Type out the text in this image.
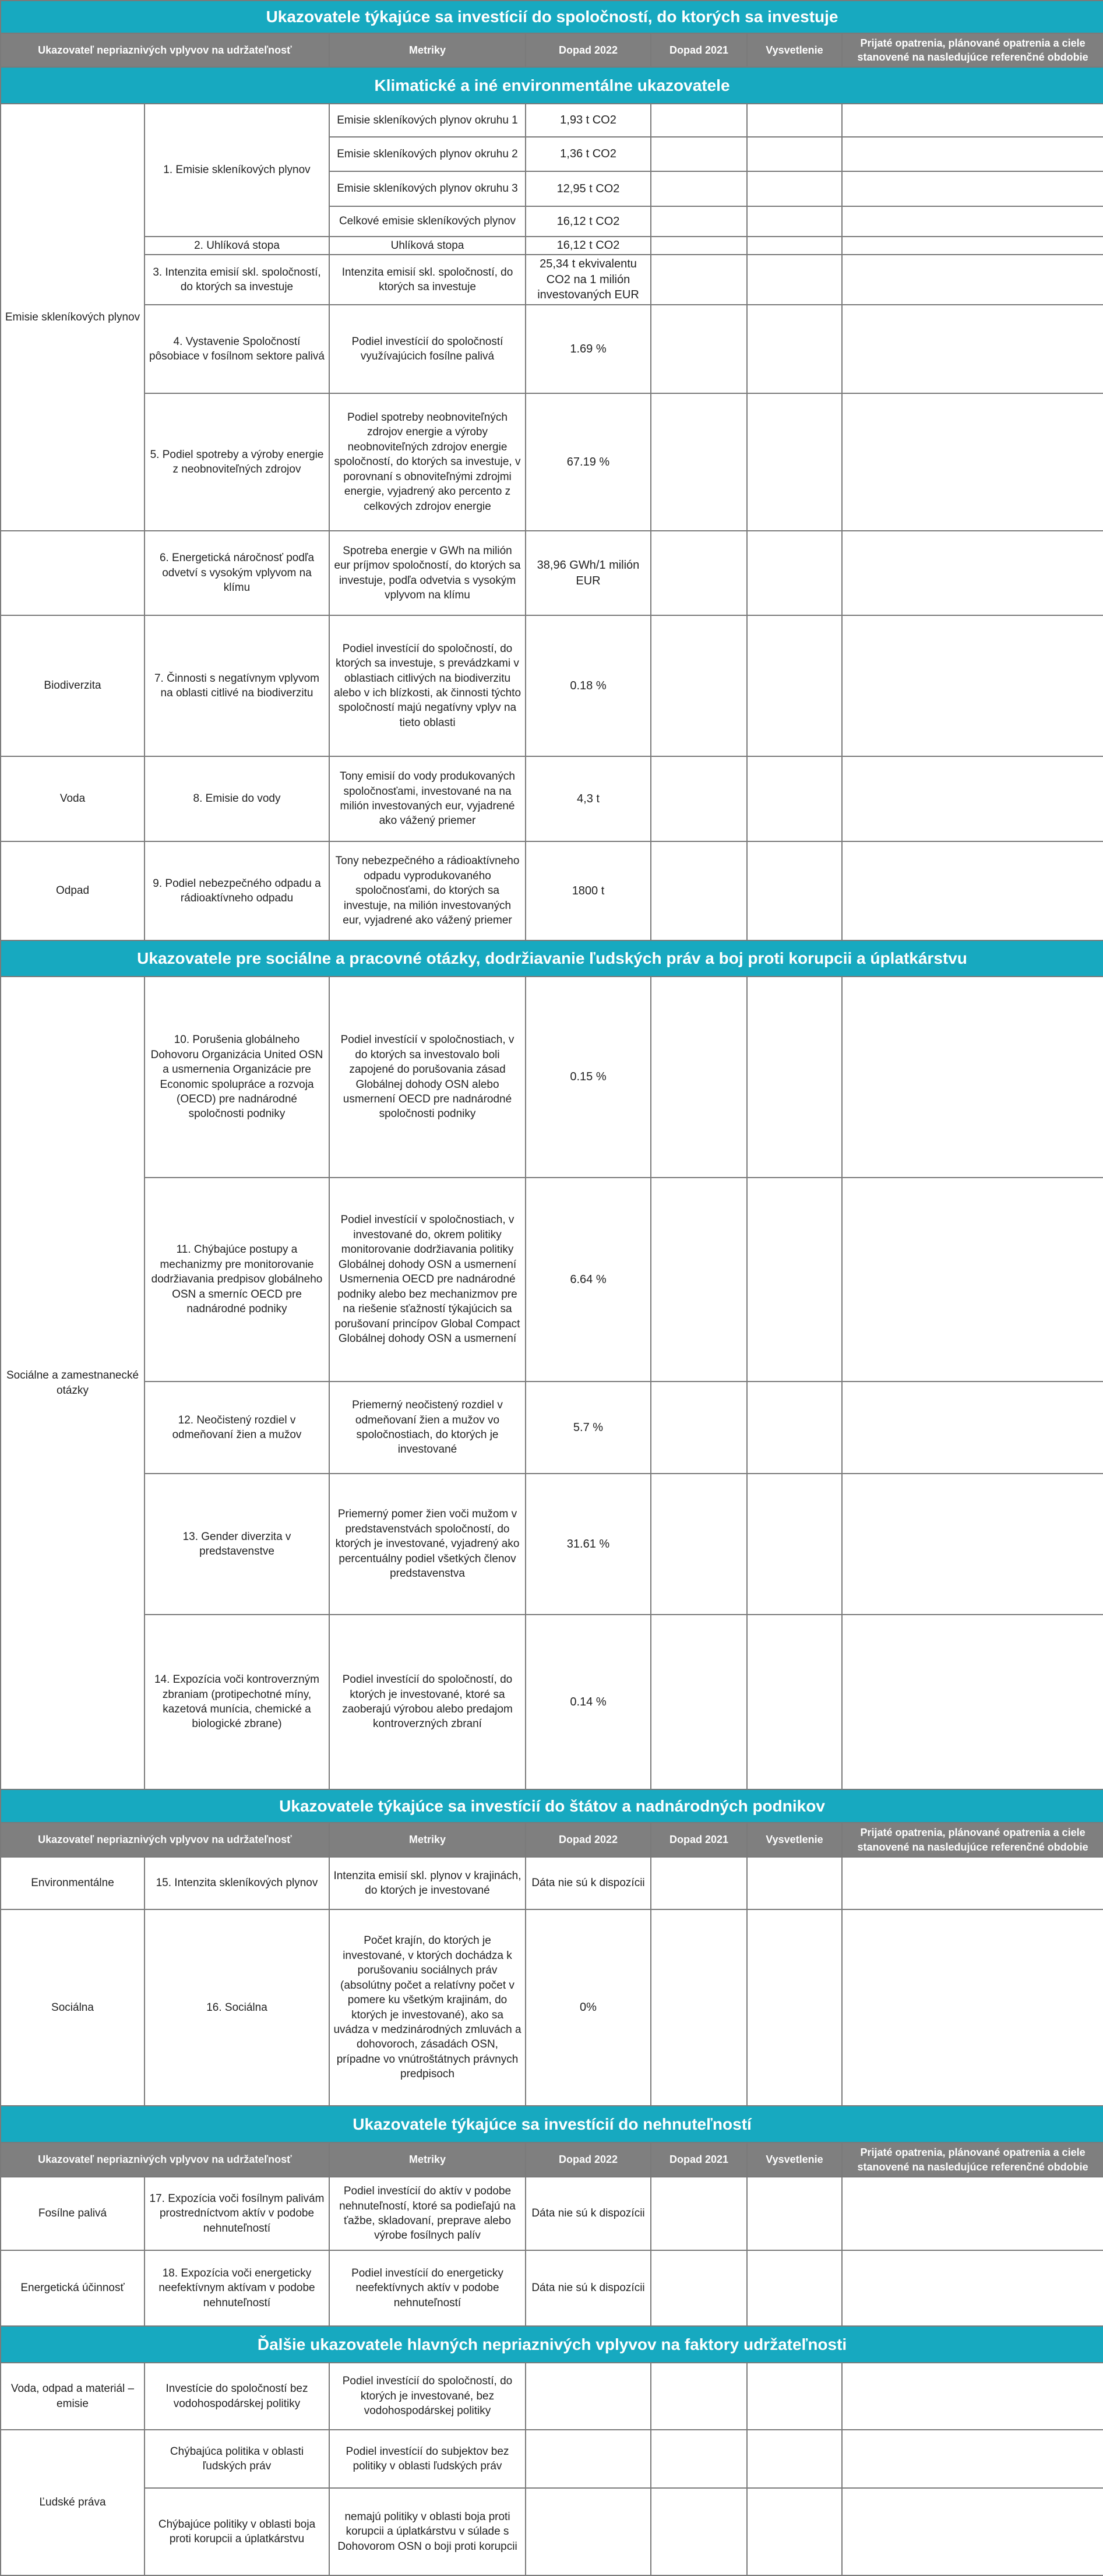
Ukazovatele týkajúce sa investícií do spoločností, do ktorých sa investuje						
Ukazovateľ nepriaznivých vplyvov na udržateľnosť		Metriky	Dopad 2022	Dopad 2021	Vysvetlenie	Prijaté opatrenia, plánované opatrenia a ciele stanovené na nasledujúce referenčné obdobie
Klimatické a iné environmentálne ukazovatele						
Emisie skleníkových plynov	1. Emisie skleníkových plynov	Emisie skleníkových plynov okruhu 1	1,93 t CO2			
		Emisie skleníkových plynov okruhu 2	1,36 t CO2			
		Emisie skleníkových plynov okruhu 3	12,95 t CO2			
		Celkové emisie skleníkových plynov	16,12 t CO2			
	2. Uhlíková stopa	Uhlíková stopa	16,12 t CO2			
	3. Intenzita emisií skl. spoločností, do ktorých sa investuje	Intenzita emisií skl. spoločností, do ktorých sa investuje	25,34 t ekvivalentu CO2 na 1 milión investovaných EUR			
	4. Vystavenie Spoločností pôsobiace v fosílnom sektore palivá	Podiel investícií do spoločností využívajúcich fosílne palivá	1.69 %			
	5. Podiel spotreby a výroby energie z neobnoviteľných zdrojov	Podiel spotreby neobnoviteľných zdrojov energie a výroby neobnoviteľných zdrojov energie spoločností, do ktorých sa investuje, v porovnaní s obnoviteľnými zdrojmi energie, vyjadrený ako percento z celkových zdrojov energie	67.19 %			
	6. Energetická náročnosť podľa odvetví s vysokým vplyvom na klímu	Spotreba energie v GWh na milión eur príjmov spoločností, do ktorých sa investuje, podľa odvetvia s vysokým vplyvom na klímu	38,96 GWh/1 milión EUR			
Biodiverzita	7. Činnosti s negatívnym vplyvom na oblasti citlivé na biodiverzitu	Podiel investícií do spoločností, do ktorých sa investuje, s prevádzkami v oblastiach citlivých na biodiverzitu alebo v ich blízkosti, ak činnosti týchto spoločností majú negatívny vplyv na tieto oblasti	0.18 %			
Voda	8. Emisie do vody	Tony emisií do vody produkovaných spoločnosťami, investované na na milión investovaných eur, vyjadrené ako vážený priemer	4,3 t			
Odpad	9. Podiel nebezpečného odpadu a rádioaktívneho odpadu	Tony nebezpečného a rádioaktívneho odpadu vyprodukovaného spoločnosťami, do ktorých sa investuje, na milión investovaných eur, vyjadrené ako vážený priemer	1800 t			
Ukazovatele pre sociálne a pracovné otázky, dodržiavanie ľudských práv a boj proti korupcii a úplatkárstvu						
Sociálne a zamestnanecké otázky	10. Porušenia globálneho Dohovoru Organizácia United OSN a usmernenia Organizácie pre Economic spolupráce a rozvoja (OECD) pre nadnárodné spoločnosti podniky	Podiel investícií v spoločnostiach, v do ktorých sa investovalo boli zapojené do porušovania zásad Globálnej dohody OSN alebo usmernení OECD pre nadnárodné spoločnosti podniky	0.15 %			
	11. Chýbajúce postupy a mechanizmy pre monitorovanie dodržiavania predpisov globálneho OSN a smerníc OECD pre nadnárodné podniky	Podiel investícií v spoločnostiach, v investované do, okrem politiky monitorovanie dodržiavania politiky Globálnej dohody OSN a usmernení Usmernenia OECD pre nadnárodné podniky alebo bez mechanizmov pre na riešenie sťažností týkajúcich sa porušovaní princípov Global Compact Globálnej dohody OSN a usmernení	6.64 %			
	12. Neočistený rozdiel v odmeňovaní žien a mužov	Priemerný neočistený rozdiel v odmeňovaní žien a mužov vo spoločnostiach, do ktorých je investované	5.7 %			
	13. Gender diverzita v predstavenstve	Priemerný pomer žien voči mužom v predstavenstvách spoločností, do ktorých je investované, vyjadrený ako percentuálny podiel všetkých členov predstavenstva	31.61 %			
	14. Expozícia voči kontroverzným zbraniam (protipechotné míny, kazetová munícia, chemické a biologické zbrane)	Podiel investícií do spoločností, do ktorých je investované, ktoré sa zaoberajú výrobou alebo predajom kontroverzných zbraní	0.14 %			
Ukazovatele týkajúce sa investícií do štátov a nadnárodných podnikov						
Ukazovateľ nepriaznivých vplyvov na udržateľnosť		Metriky	Dopad 2022	Dopad 2021	Vysvetlenie	Prijaté opatrenia, plánované opatrenia a ciele stanovené na nasledujúce referenčné obdobie
Environmentálne	15. Intenzita skleníkových plynov	Intenzita emisií skl. plynov v krajinách, do ktorých je investované	Dáta nie sú k dispozícii			
Sociálna	16. Sociálna	Počet krajín, do ktorých je investované, v ktorých dochádza k porušovaniu sociálnych práv (absolútny počet a relatívny počet v pomere ku všetkým krajinám, do ktorých je investované), ako sa uvádza v medzinárodných zmluvách a dohovoroch, zásadách OSN, prípadne vo vnútroštátnych právnych predpisoch	0%			
Ukazovatele týkajúce sa investícií do nehnuteľností						
Ukazovateľ nepriaznivých vplyvov na udržateľnosť		Metriky	Dopad 2022	Dopad 2021	Vysvetlenie	Prijaté opatrenia, plánované opatrenia a ciele stanovené na nasledujúce referenčné obdobie
Fosílne palivá	17. Expozícia voči fosílnym palivám prostredníctvom aktív v podobe nehnuteľností	Podiel investícií do aktív v podobe nehnuteľností, ktoré sa podieľajú na ťažbe, skladovaní, preprave alebo výrobe fosílnych palív	Dáta nie sú k dispozícii			
Energetická účinnosť	18. Expozícia voči energeticky neefektívnym aktívam v podobe nehnuteľností	Podiel investícií do energeticky neefektívnych aktív v podobe nehnuteľností	Dáta nie sú k dispozícii			
Ďalšie ukazovatele hlavných nepriaznivých vplyvov na faktory udržateľnosti						
Voda, odpad a materiál – emisie	Investície do spoločností bez vodohospodárskej politiky	Podiel investícií do spoločností, do ktorých je investované, bez vodohospodárskej politiky				
Ľudské práva	Chýbajúca politika v oblasti ľudských práv	Podiel investícií do subjektov bez politiky v oblasti ľudských práv				
	Chýbajúce politiky v oblasti boja proti korupcii a úplatkárstvu	nemajú politiky v oblasti boja proti korupcii a úplatkárstvu v súlade s Dohovorom OSN o boji proti korupcii				
